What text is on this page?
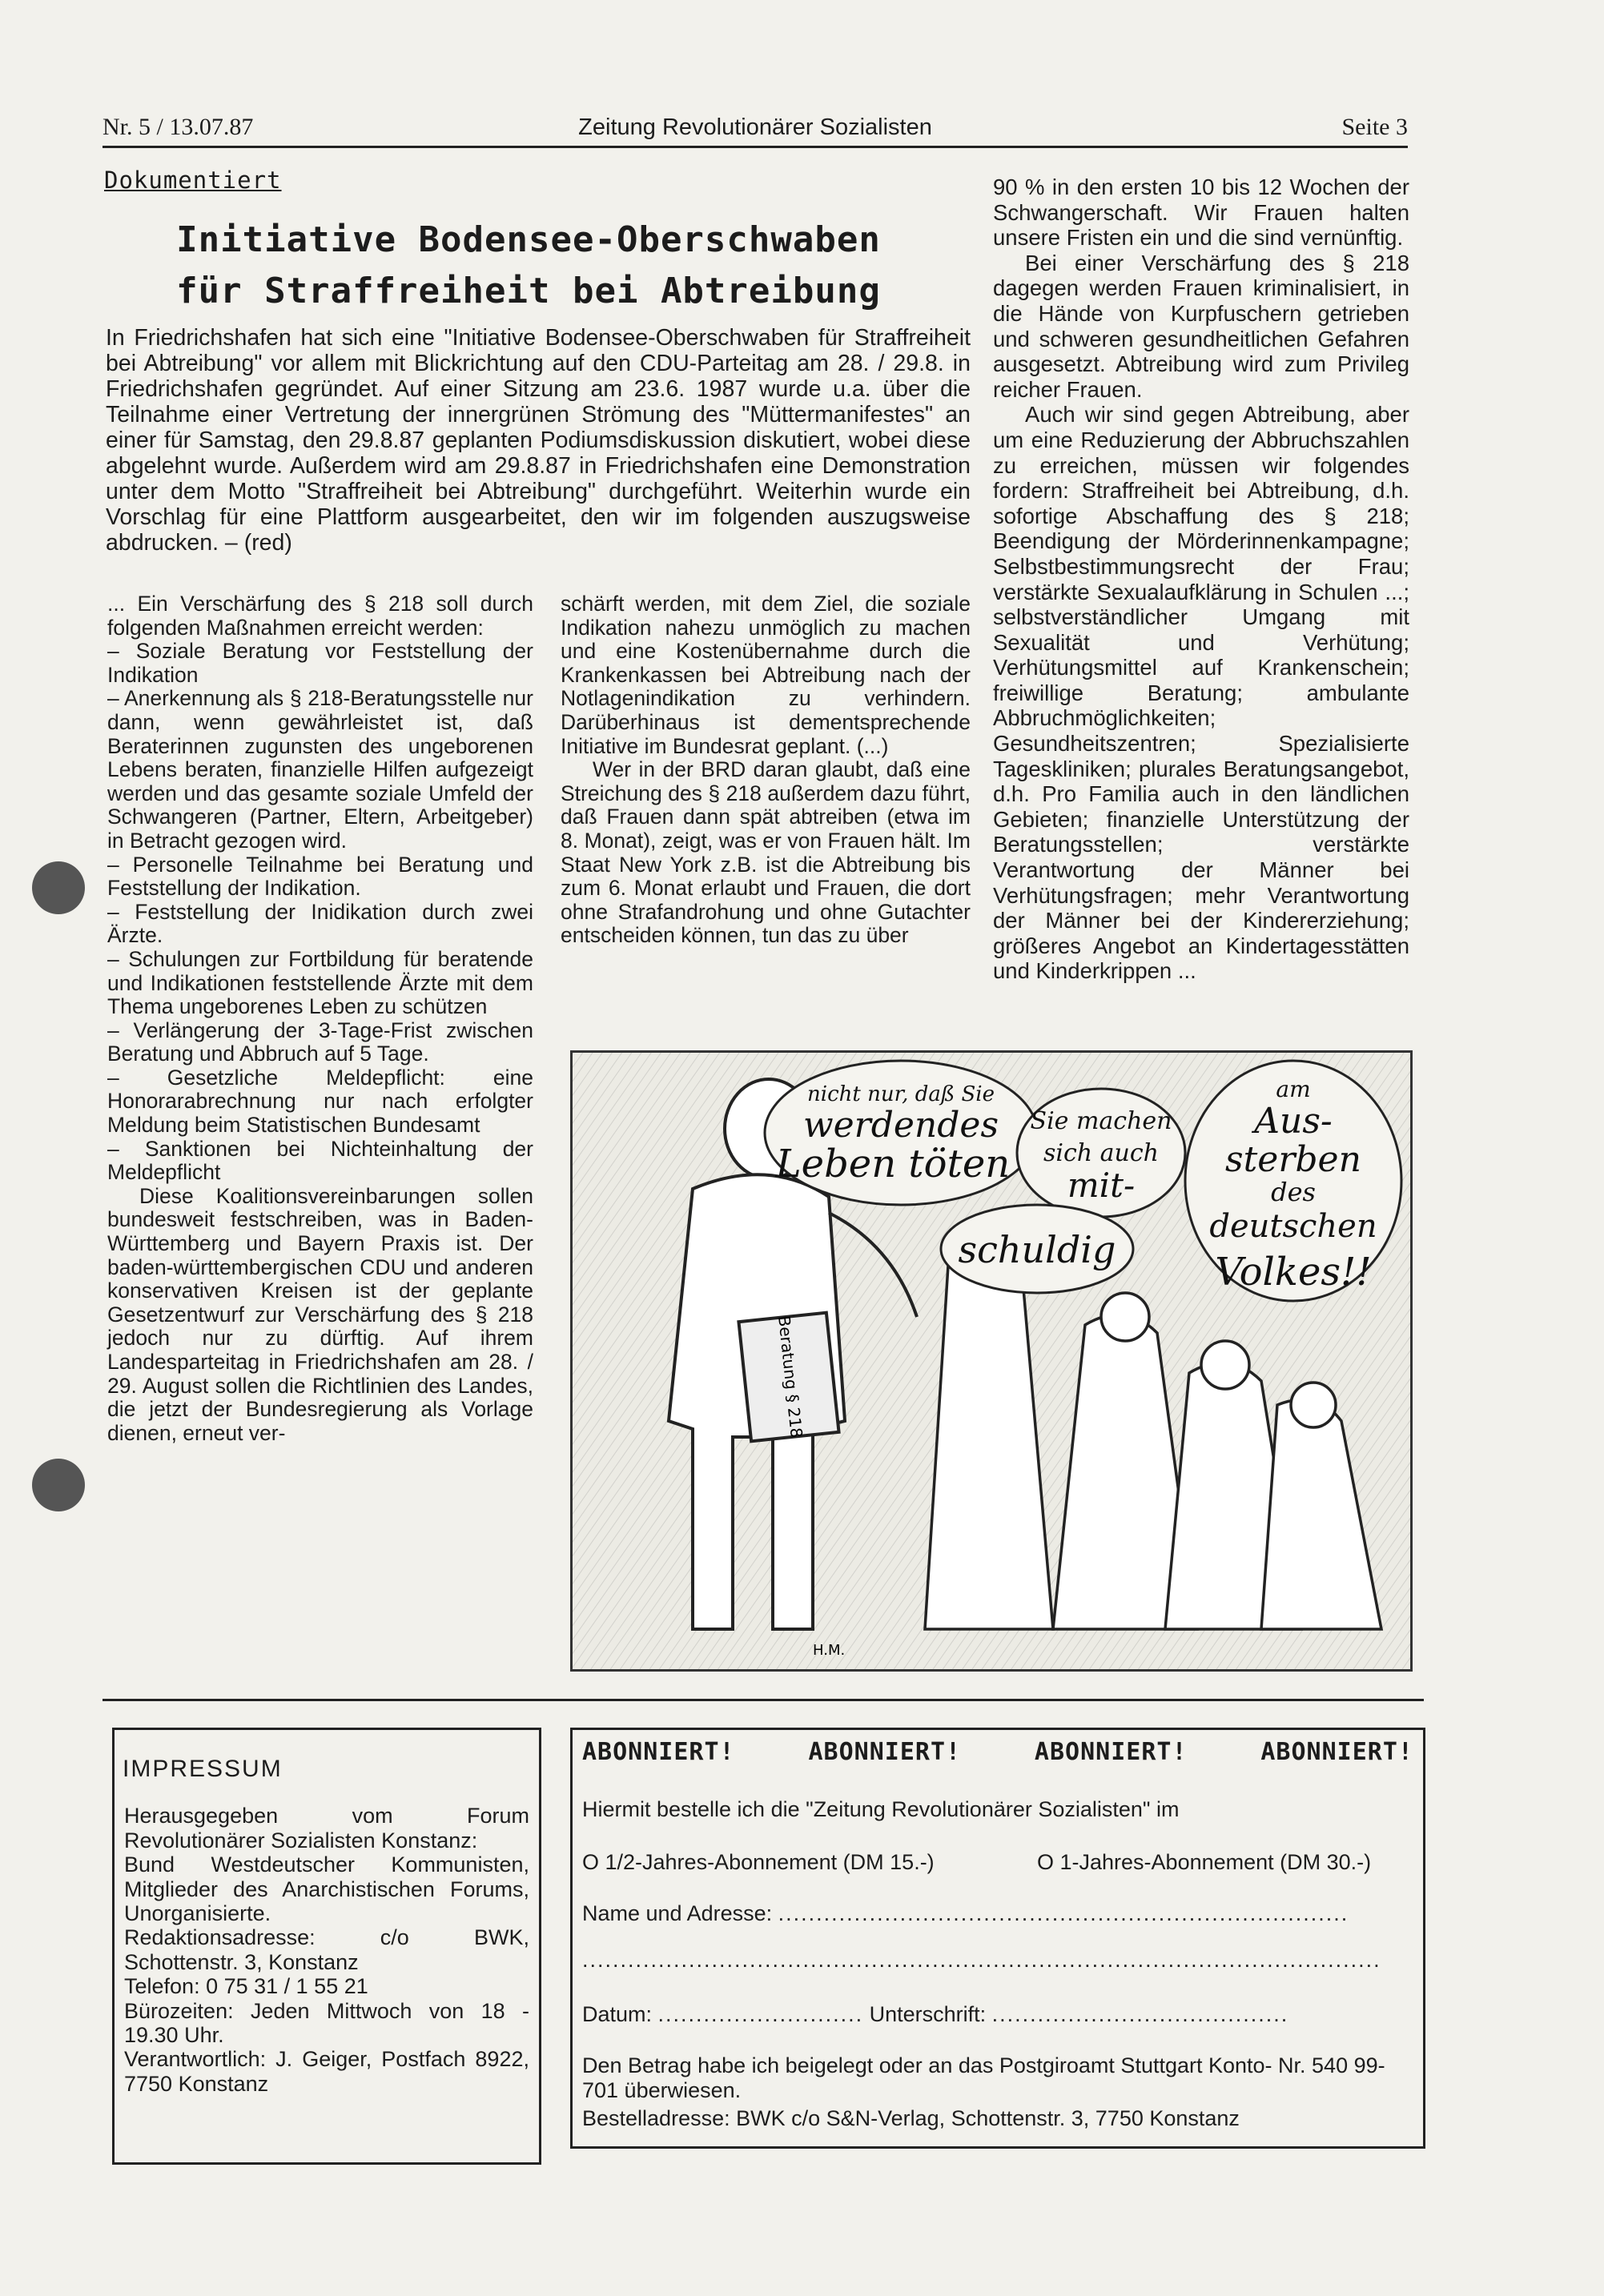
Nr. 5 / 13.07.87	Zeitung Revolutionärer Sozialisten	Seite 3
Dokumentiert
Initiative Bodensee-Oberschwaben
für Straffreiheit bei Abtreibung
In Friedrichshafen hat sich eine "Initiative Bodensee-Oberschwaben für Straffreiheit bei Abtreibung" vor allem mit Blickrichtung auf den CDU-Parteitag am 28. / 29.8. in Friedrichshafen gegründet. Auf einer Sitzung am 23.6. 1987 wurde u.a. über die Teilnahme einer Vertretung der innergrünen Strömung des "Müttermanifestes" an einer für Samstag, den 29.8.87 geplanten Podiumsdiskussion diskutiert, wobei diese abgelehnt wurde. Außerdem wird am 29.8.87 in Friedrichshafen eine Demonstration unter dem Motto "Straffreiheit bei Abtreibung" durchgeführt. Weiterhin wurde ein Vorschlag für eine Plattform ausgearbeitet, den wir im folgenden auszugsweise abdrucken. – (red)

... Ein Verschärfung des § 218 soll durch folgenden Maßnahmen erreicht werden:

– Soziale Beratung vor Feststellung der Indikation

– Anerkennung als § 218-Beratungsstelle nur dann, wenn gewährleistet ist, daß Beraterinnen zugunsten des ungeborenen Lebens beraten, finanzielle Hilfen aufgezeigt werden und das gesamte soziale Umfeld der Schwangeren (Partner, Eltern, Arbeitgeber) in Betracht gezogen wird.

– Personelle Teilnahme bei Beratung und Feststellung der Indikation.

– Feststellung der Inidikation durch zwei Ärzte.

– Schulungen zur Fortbildung für beratende und Indikationen feststellende Ärzte mit dem Thema ungeborenes Leben zu schützen

– Verlängerung der 3-Tage-Frist zwischen Beratung und Abbruch auf 5 Tage.

– Gesetzliche Meldepflicht: eine Honorarabrechnung nur nach erfolgter Meldung beim Statistischen Bundesamt

– Sanktionen bei Nichteinhaltung der Meldepflicht

Diese Koalitionsvereinbarungen sollen bundesweit festschreiben, was in Baden-Württemberg und Bayern Praxis ist. Der baden-württembergischen CDU und anderen konservativen Kreisen ist der geplante Gesetzentwurf zur Verschärfung des § 218 jedoch nur zu dürftig. Auf ihrem Landesparteitag in Friedrichshafen am 28. / 29. August sollen die Richtlinien des Landes, die jetzt der Bundesregierung als Vorlage dienen, erneut ver-

schärft werden, mit dem Ziel, die soziale Indikation nahezu unmöglich zu machen und eine Kostenübernahme durch die Krankenkassen bei Abtreibung nach der Notlagenindikation zu verhindern. Darüberhinaus ist dementsprechende Initiative im Bundesrat geplant. (...)

Wer in der BRD daran glaubt, daß eine Streichung des § 218 außerdem dazu führt, daß Frauen dann spät abtreiben (etwa im 8. Monat), zeigt, was er von Frauen hält. Im Staat New York z.B. ist die Abtreibung bis zum 6. Monat erlaubt und Frauen, die dort ohne Strafandrohung und ohne Gutachter entscheiden können, tun das zu über

90 % in den ersten 10 bis 12 Wochen der Schwangerschaft. Wir Frauen halten unsere Fristen ein und die sind vernünftig.

Bei einer Verschärfung des § 218 dagegen werden Frauen kriminalisiert, in die Hände von Kurpfuschern getrieben und schweren gesundheitlichen Gefahren ausgesetzt. Abtreibung wird zum Privileg reicher Frauen.

Auch wir sind gegen Abtreibung, aber um eine Reduzierung der Abbruchszahlen zu erreichen, müssen wir folgendes fordern: Straffreiheit bei Abtreibung, d.h. sofortige Abschaffung des § 218; Beendigung der Mörderinnenkampagne; Selbstbestimmungsrecht der Frau; verstärkte Sexualaufklärung in Schulen ...; selbstverständlicher Umgang mit Sexualität und Verhütung; Verhütungsmittel auf Krankenschein; freiwillige Beratung; ambulante Abbruchmöglichkeiten; Gesundheitszentren; Spezialisierte Tageskliniken; plurales Beratungsangebot, d.h. Pro Familia auch in den ländlichen Gebieten; finanzielle Unterstützung der Beratungsstellen; verstärkte Verantwortung der Männer bei Verhütungsfragen; mehr Verantwortung der Männer bei der Kindererziehung; größeres Angebot an Kindertagesstätten und Kinderkrippen ...

Beratung § 218
nicht nur, daß Sie
werdendes
Leben töten
Sie machen
sich auch
mit-
schuldig
am
Aus-
sterben
des
deutschen
Volkes!!
H.M.
IMPRESSUM

Herausgegeben vom Forum Revolutionärer Sozialisten Konstanz:

Bund Westdeutscher Kommunisten, Mitglieder des Anarchistischen Forums, Unorganisierte.

Redaktionsadresse: c/o BWK, Schottenstr. 3, Konstanz

Telefon: 0 75 31 / 1 55 21

Bürozeiten: Jeden Mittwoch von 18 - 19.30 Uhr.

Verantwortlich: J. Geiger, Postfach 8922, 7750 Konstanz

ABONNIERT!	ABONNIERT!	ABONNIERT!	ABONNIERT!
Hiermit bestelle ich die "Zeitung Revolutionärer Sozialisten" im
O 1/2-Jahres-Abonnement (DM 15.-)	O 1-Jahres-Abonnement (DM 30.-)
Name und Adresse: ...........................................................................
.........................................................................................................
Datum: ........................... Unterschrift: .......................................
Den Betrag habe ich beigelegt oder an das Postgiroamt Stuttgart Konto- Nr. 540 99-701 überwiesen.
Bestelladresse: BWK c/o S&N-Verlag, Schottenstr. 3, 7750 Konstanz
